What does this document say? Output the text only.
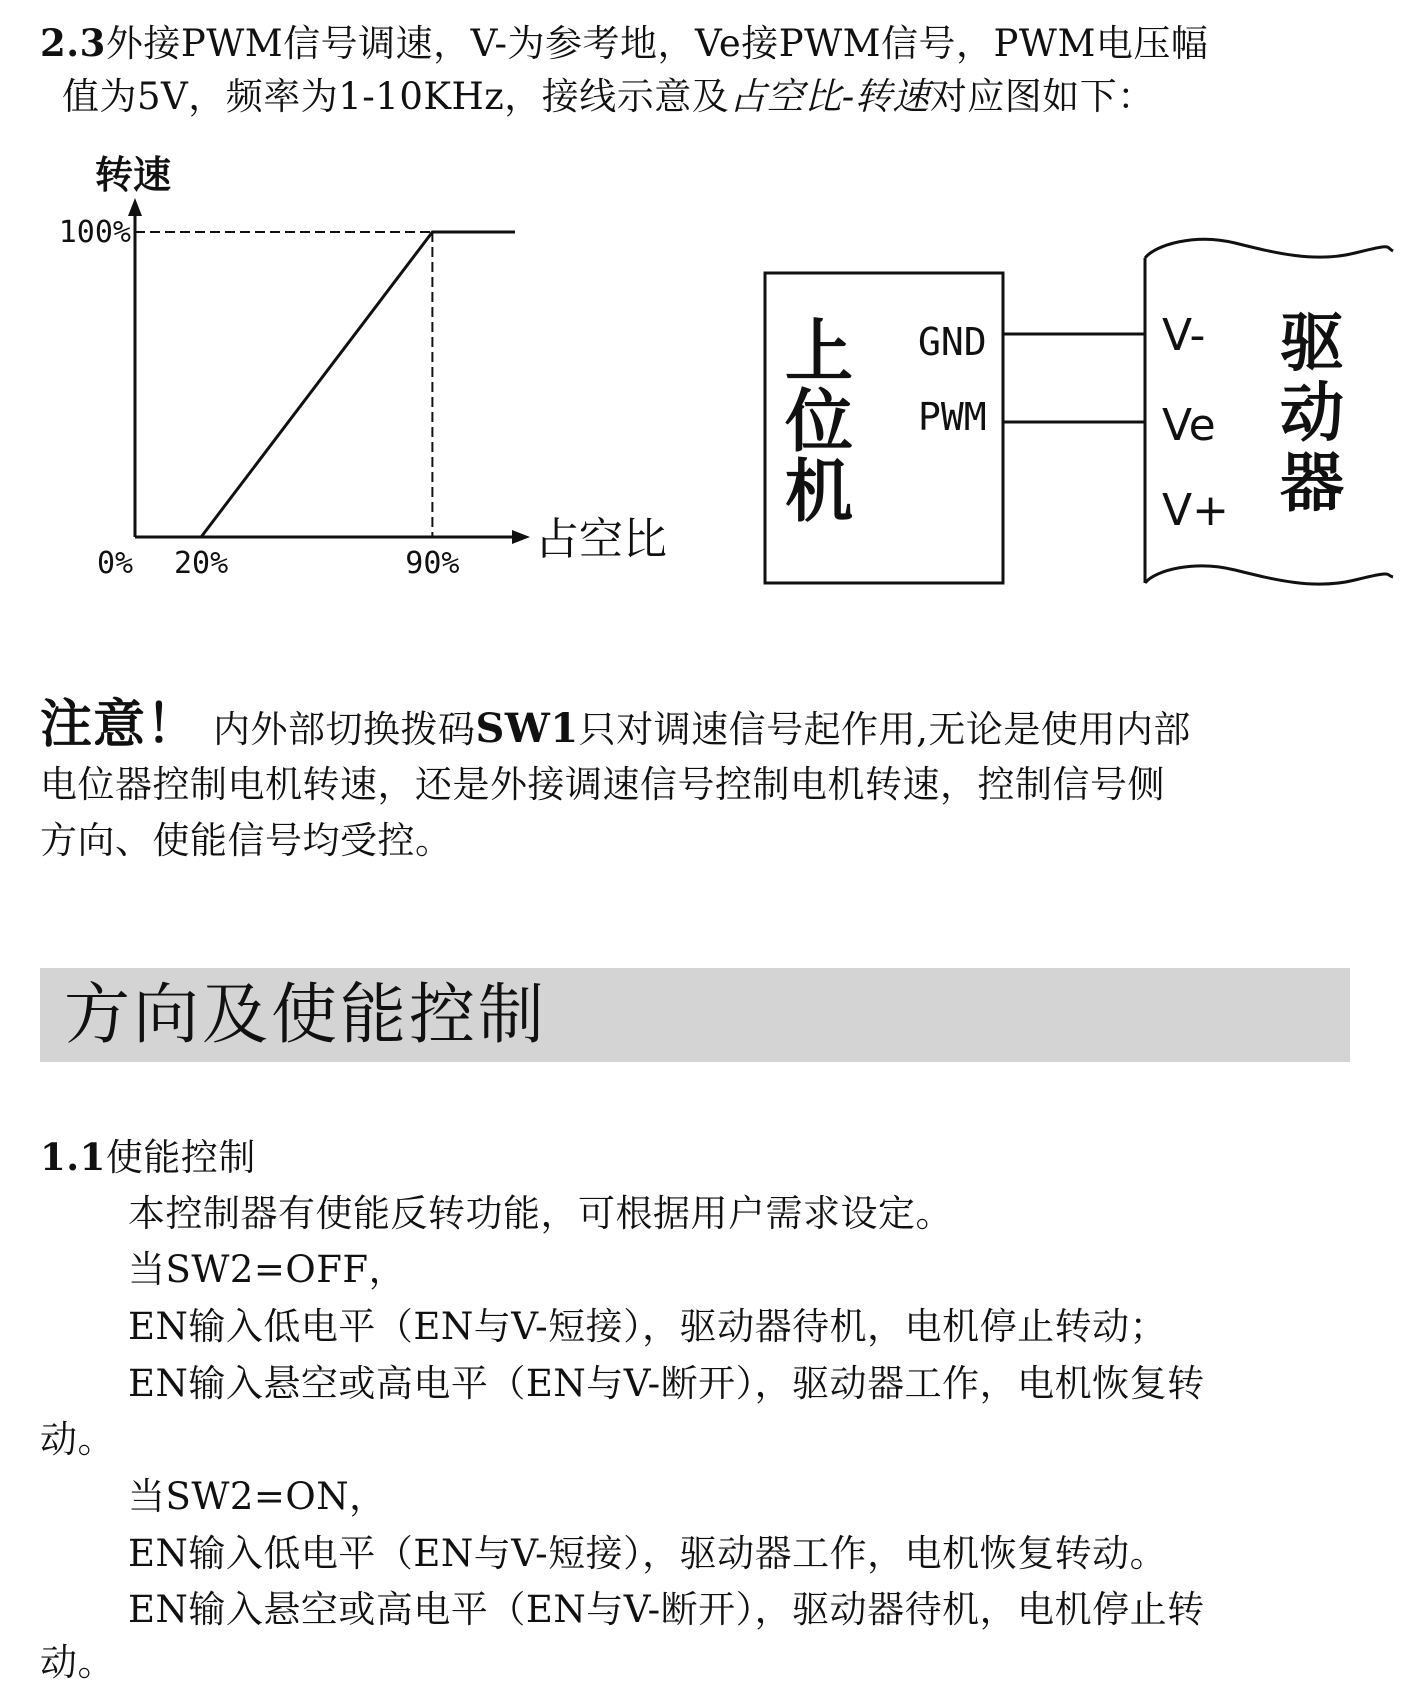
2.3外接PWM信号调速，V-为参考地，Ve接PWM信号，PWM电压幅

值为5V，频率为1-10KHz，接线示意及占空比-转速对应图如下：

转速
占空比
100%
0% 20%	90%
上
位
机
GND
PWM
V-
Ve
V+
驱
动
器

注意！ 内外部切换拨码SW1只对调速信号起作用,无论是使用内部

电位器控制电机转速，还是外接调速信号控制电机转速，控制信号侧

方向、使能信号均受控。

方向及使能控制

1.1使能控制

本控制器有使能反转功能，可根据用户需求设定。

当SW2=OFF，

EN输入低电平（EN与V-短接），驱动器待机，电机停止转动；

EN输入悬空或高电平（EN与V-断开），驱动器工作，电机恢复转

动。

当SW2=ON，

EN输入低电平（EN与V-短接），驱动器工作，电机恢复转动。

EN输入悬空或高电平（EN与V-断开），驱动器待机，电机停止转

动。
